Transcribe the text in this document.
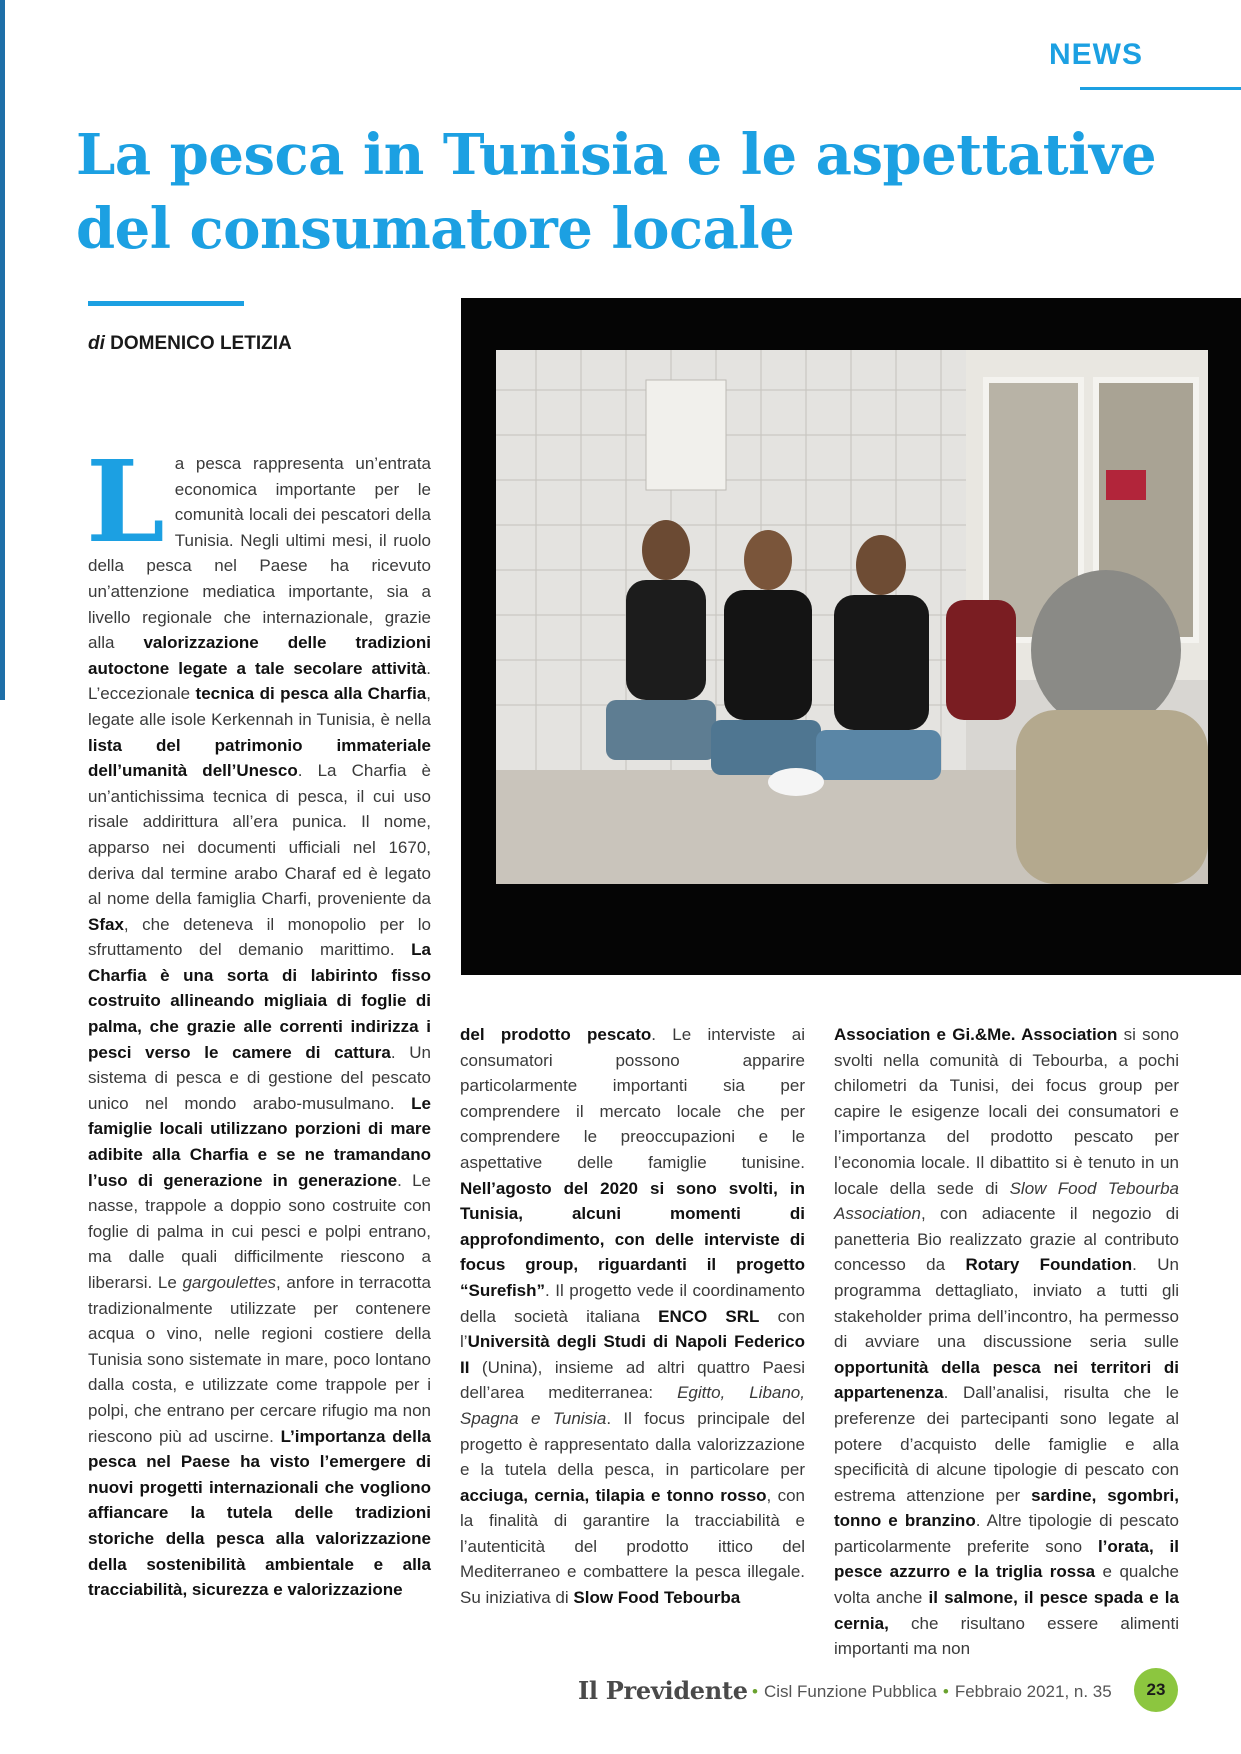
NEWS
La pesca in Tunisia e le aspettative del consumatore locale
di DOMENICO LETIZIA
La pesca rappresenta un’entrata economica importante per le comunità locali dei pescatori della Tunisia. Negli ultimi mesi, il ruolo della pesca nel Paese ha ricevuto un’attenzione mediatica importante, sia a livello regionale che internazionale, grazie alla valorizzazione delle tradizioni autoctone legate a tale secolare attività. L’eccezionale tecnica di pesca alla Charfia, legate alle isole Kerkennah in Tunisia, è nella lista del patrimonio immateriale dell’umanità dell’Unesco. La Charfia è un’antichissima tecnica di pesca, il cui uso risale addirittura all’era punica. Il nome, apparso nei documenti ufficiali nel 1670, deriva dal termine arabo Charaf ed è legato al nome della famiglia Charfi, proveniente da Sfax, che deteneva il monopolio per lo sfruttamento del demanio marittimo. La Charfia è una sorta di labirinto fisso costruito allineando migliaia di foglie di palma, che grazie alle correnti indirizza i pesci verso le camere di cattura. Un sistema di pesca e di gestione del pescato unico nel mondo arabo-musulmano. Le famiglie locali utilizzano porzioni di mare adibite alla Charfia e se ne tramandano l’uso di generazione in generazione. Le nasse, trappole a doppio sono costruite con foglie di palma in cui pesci e polpi entrano, ma dalle quali difficilmente riescono a liberarsi. Le gargoulettes, anfore in terracotta tradizionalmente utilizzate per contenere acqua o vino, nelle regioni costiere della Tunisia sono sistemate in mare, poco lontano dalla costa, e utilizzate come trappole per i polpi, che entrano per cercare rifugio ma non riescono più ad uscirne. L’importanza della pesca nel Paese ha visto l’emergere di nuovi progetti internazionali che vogliono affiancare la tutela delle tradizioni storiche della pesca alla valorizzazione della sostenibilità ambientale e alla tracciabilità, sicurezza e valorizzazione
del prodotto pescato. Le interviste ai consumatori possono apparire particolarmente importanti sia per comprendere il mercato locale che per comprendere le preoccupazioni e le aspettative delle famiglie tunisine. Nell’agosto del 2020 si sono svolti, in Tunisia, alcuni momenti di approfondimento, con delle interviste di focus group, riguardanti il progetto “Surefish”. Il progetto vede il coordinamento della società italiana ENCO SRL con l’Università degli Studi di Napoli Federico II (Unina), insieme ad altri quattro Paesi dell’area mediterranea: Egitto, Libano, Spagna e Tunisia. Il focus principale del progetto è rappresentato dalla valorizzazione e la tutela della pesca, in particolare per acciuga, cernia, tilapia e tonno rosso, con la finalità di garantire la tracciabilità e l’autenticità del prodotto ittico del Mediterraneo e combattere la pesca illegale. Su iniziativa di Slow Food Tebourba
Association e Gi.&Me. Association si sono svolti nella comunità di Tebourba, a pochi chilometri da Tunisi, dei focus group per capire le esigenze locali dei consumatori e l’importanza del prodotto pescato per l’economia locale. Il dibattito si è tenuto in un locale della sede di Slow Food Tebourba Association, con adiacente il negozio di panetteria Bio realizzato grazie al contributo concesso da Rotary Foundation. Un programma dettagliato, inviato a tutti gli stakeholder prima dell’incontro, ha permesso di avviare una discussione seria sulle opportunità della pesca nei territori di appartenenza. Dall’analisi, risulta che le preferenze dei partecipanti sono legate al potere d’acquisto delle famiglie e alla specificità di alcune tipologie di pescato con estrema attenzione per sardine, sgombri, tonno e branzino. Altre tipologie di pescato particolarmente preferite sono l’orata, il pesce azzurro e la triglia rossa e qualche volta anche il salmone, il pesce spada e la cernia, che risultano essere alimenti importanti ma non
Il Previdente • Cisl Funzione Pubblica • Febbraio 2021, n. 35	23
